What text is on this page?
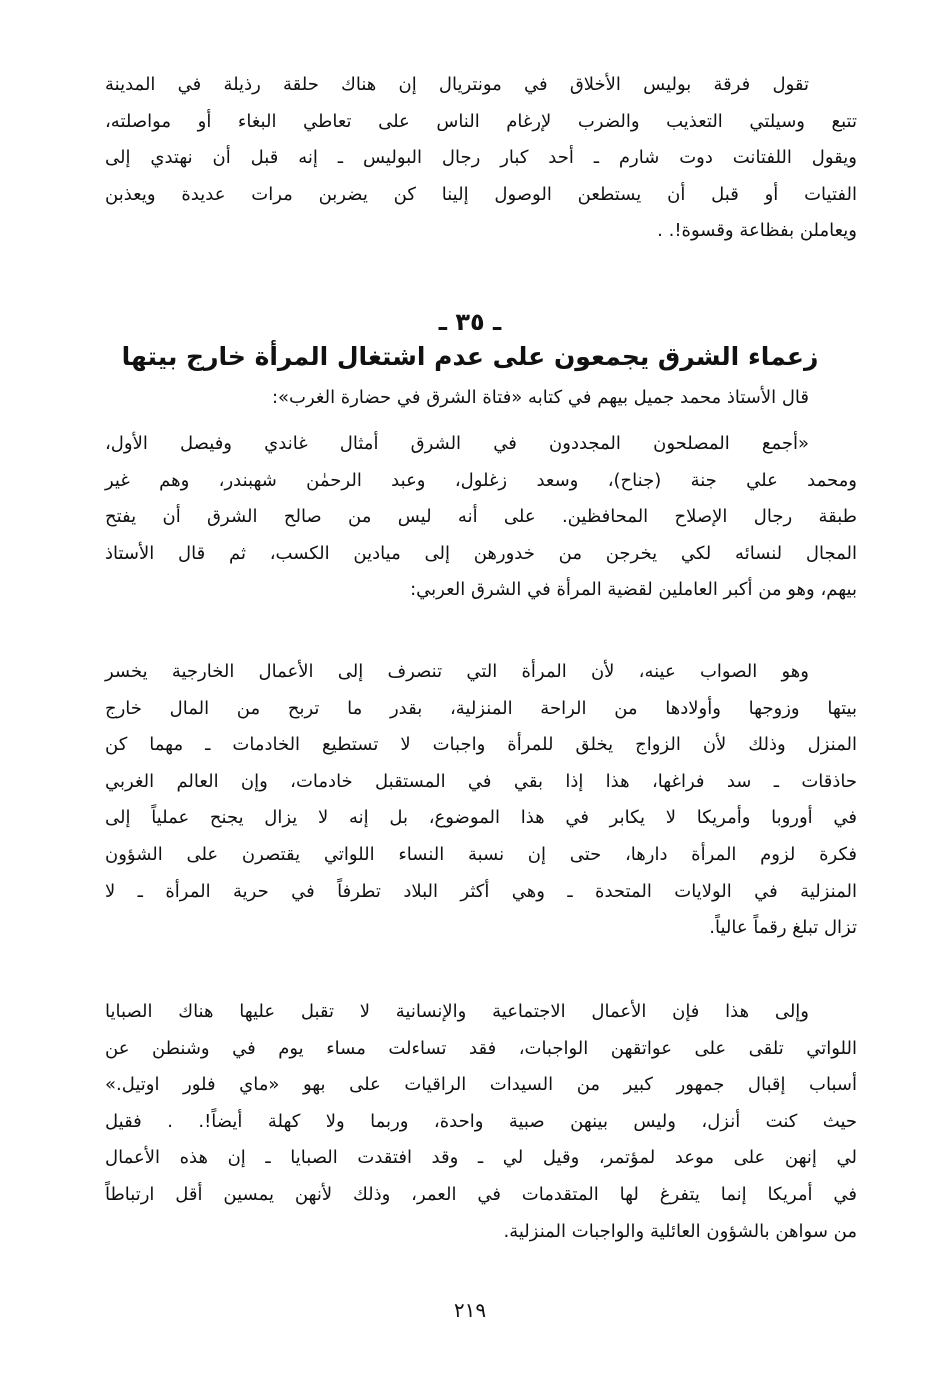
تقول فرقة بوليس الأخلاق في مونتريال إن هناك حلقة رذيلة في المدينة
تتبع وسيلتي التعذيب والضرب لإرغام الناس على تعاطي البغاء أو مواصلته،
ويقول اللفتانت دوت شارم ـ أحد كبار رجال البوليس ـ إنه قبل أن نهتدي إلى
الفتيات أو قبل أن يستطعن الوصول إلينا كن يضربن مرات عديدة ويعذبن
ويعاملن بفظاعة وقسوة!. .
ـ ٣٥ ـ
زعماء الشرق يجمعون على عدم اشتغال المرأة خارج بيتها
قال الأستاذ محمد جميل بيهم في كتابه «فتاة الشرق في حضارة الغرب»:
«أجمع المصلحون المجددون في الشرق أمثال غاندي وفيصل الأول،
ومحمد علي جنة (جناح)، وسعد زغلول، وعبد الرحمٰن شهبندر، وهم غير
طبقة رجال الإصلاح المحافظين. على أنه ليس من صالح الشرق أن يفتح
المجال لنسائه لكي يخرجن من خدورهن إلى ميادين الكسب، ثم قال الأستاذ
بيهم، وهو من أكبر العاملين لقضية المرأة في الشرق العربي:
وهو الصواب عينه، لأن المرأة التي تنصرف إلى الأعمال الخارجية يخسر
بيتها وزوجها وأولادها من الراحة المنزلية، بقدر ما تربح من المال خارج
المنزل وذلك لأن الزواج يخلق للمرأة واجبات لا تستطيع الخادمات ـ مهما كن
حاذقات ـ سد فراغها، هذا إذا بقي في المستقبل خادمات، وإن العالم الغربي
في أوروبا وأمريكا لا يكابر في هذا الموضوع، بل إنه لا يزال يجنح عملياً إلى
فكرة لزوم المرأة دارها، حتى إن نسبة النساء اللواتي يقتصرن على الشؤون
المنزلية في الولايات المتحدة ـ وهي أكثر البلاد تطرفاً في حرية المرأة ـ لا
تزال تبلغ رقماً عالياً.
وإلى هذا فإن الأعمال الاجتماعية والإنسانية لا تقبل عليها هناك الصبايا
اللواتي تلقى على عواتقهن الواجبات، فقد تساءلت مساء يوم في وشنطن عن
أسباب إقبال جمهور كبير من السيدات الراقيات على بهو «ماي فلور اوتيل.»
حيث كنت أنزل، وليس بينهن صبية واحدة، وربما ولا كهلة أيضاً!. . فقيل
لي إنهن على موعد لمؤتمر، وقيل لي ـ وقد افتقدت الصبايا ـ إن هذه الأعمال
في أمريكا إنما يتفرغ لها المتقدمات في العمر، وذلك لأنهن يمسين أقل ارتباطاً
من سواهن بالشؤون العائلية والواجبات المنزلية.
٢١٩
